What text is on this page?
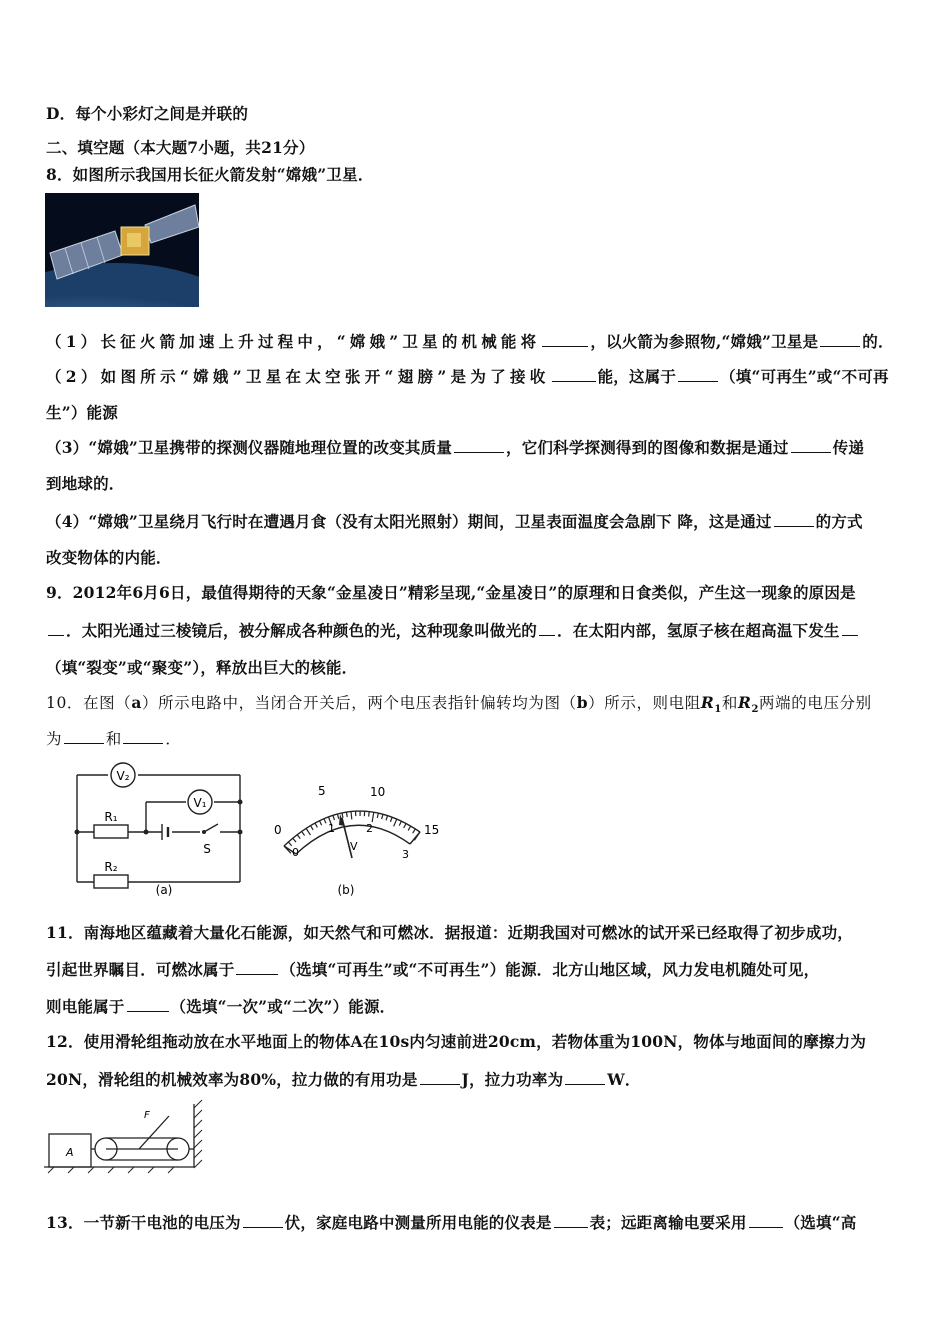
D．每个小彩灯之间是并联的
二、填空题（本大题7小题，共21分）
8．如图所示我国用长征火箭发射“嫦娥”卫星．
（1）长征火箭加速上升过程中，“嫦娥”卫星的机械能将	，以火箭为参照物,“嫦娥”卫星是	的．
（2）如图所示“嫦娥”卫星在太空张开“翅膀”是为了接收	能，这属于	（填“可再生”或“不可再
生”）能源
（3）“嫦娥”卫星携带的探测仪器随地理位置的改变其质量	，它们科学探测得到的图像和数据是通过	传递
到地球的．
（4）“嫦娥”卫星绕月飞行时在遭遇月食（没有太阳光照射）期间，卫星表面温度会急剧下 降，这是通过	的方式
改变物体的内能．
9．2012年6月6日，最值得期待的天象“金星凌日”精彩呈现,“金星凌日”的原理和日食类似，产生这一现象的原因是
．太阳光通过三棱镜后，被分解成各种颜色的光，这种现象叫做光的 ．在太阳内部，氢原子核在超高温下发生
（填“裂变”或“聚变”），释放出巨大的核能．
10．在图（a）所示电路中，当闭合开关后，两个电压表指针偏转均为图（b）所示，则电阻$R_1$和$R_2$两端的电压分别
为	和	．
V₂
V₁
R₁
R₂
S
(a)
0
5	10
15
0
1	2
3
V
(b)
11．南海地区蕴藏着大量化石能源，如天然气和可燃冰．据报道：近期我国对可燃冰的试开采已经取得了初步成功，
引起世界瞩目．可燃冰属于	（选填“可再生”或“不可再生”）能源．北方山地区域，风力发电机随处可见，
则电能属于	（选填“一次”或“二次”）能源．
12．使用滑轮组拖动放在水平地面上的物体A在10s内匀速前进20cm，若物体重为100N，物体与地面间的摩擦力为
20N，滑轮组的机械效率为80%，拉力做的有用功是	J，拉力功率为	W．
A
F
13．一节新干电池的电压为	伏，家庭电路中测量所用电能的仪表是 表；远距离输电要采用 （选填“高
